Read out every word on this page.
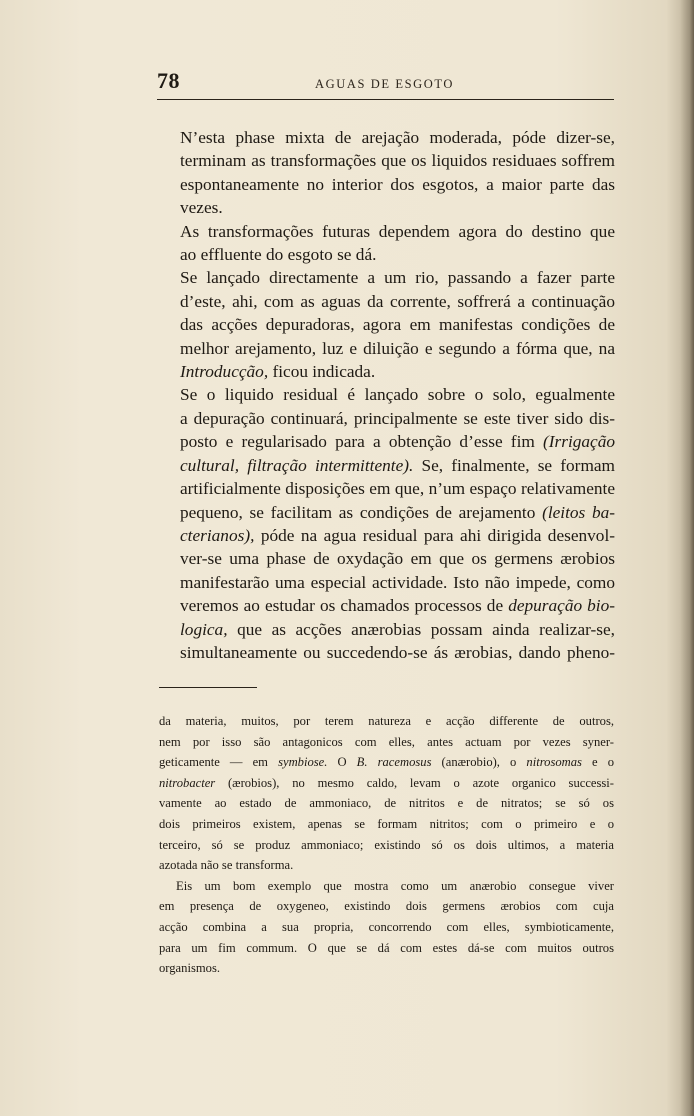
78	AGUAS DE ESGOTO

N’esta phase mixta de arejação moderada, póde dizer-se,
terminam as transformações que os liquidos residuaes soffrem
espontaneamente no interior dos esgotos, a maior parte das
vezes.

As transformações futuras dependem agora do destino que
ao effluente do esgoto se dá.

Se lançado directamente a um rio, passando a fazer parte
d’este, ahi, com as aguas da corrente, soffrerá a continuação
das acções depuradoras, agora em manifestas condições de
melhor arejamento, luz e diluição e segundo a fórma que, na
Introducção, ficou indicada.

Se o liquido residual é lançado sobre o solo, egualmente
a depuração continuará, principalmente se este tiver sido dis-
posto e regularisado para a obtenção d’esse fim (Irrigação
cultural, filtração intermittente). Se, finalmente, se formam
artificialmente disposições em que, n’um espaço relativamente
pequeno, se facilitam as condições de arejamento (leitos ba-
cterianos), póde na agua residual para ahi dirigida desenvol-
ver-se uma phase de oxydação em que os germens ærobios
manifestarão uma especial actividade. Isto não impede, como
veremos ao estudar os chamados processos de depuração bio-
logica, que as acções anærobias possam ainda realizar-se,
simultaneamente ou succedendo-se ás ærobias, dando pheno-

da materia, muitos, por terem natureza e acção differente de outros,
nem por isso são antagonicos com elles, antes actuam por vezes syner-
geticamente — em symbiose. O B. racemosus (anærobio), o nitrosomas e o
nitrobacter (ærobios), no mesmo caldo, levam o azote organico successi-
vamente ao estado de ammoniaco, de nitritos e de nitratos; se só os
dois primeiros existem, apenas se formam nitritos; com o primeiro e o
terceiro, só se produz ammoniaco; existindo só os dois ultimos, a materia
azotada não se transforma.

Eis um bom exemplo que mostra como um anærobio consegue viver
em presença de oxygeneo, existindo dois germens ærobios com cuja
acção combina a sua propria, concorrendo com elles, symbioticamente,
para um fim commum. O que se dá com estes dá-se com muitos outros
organismos.
